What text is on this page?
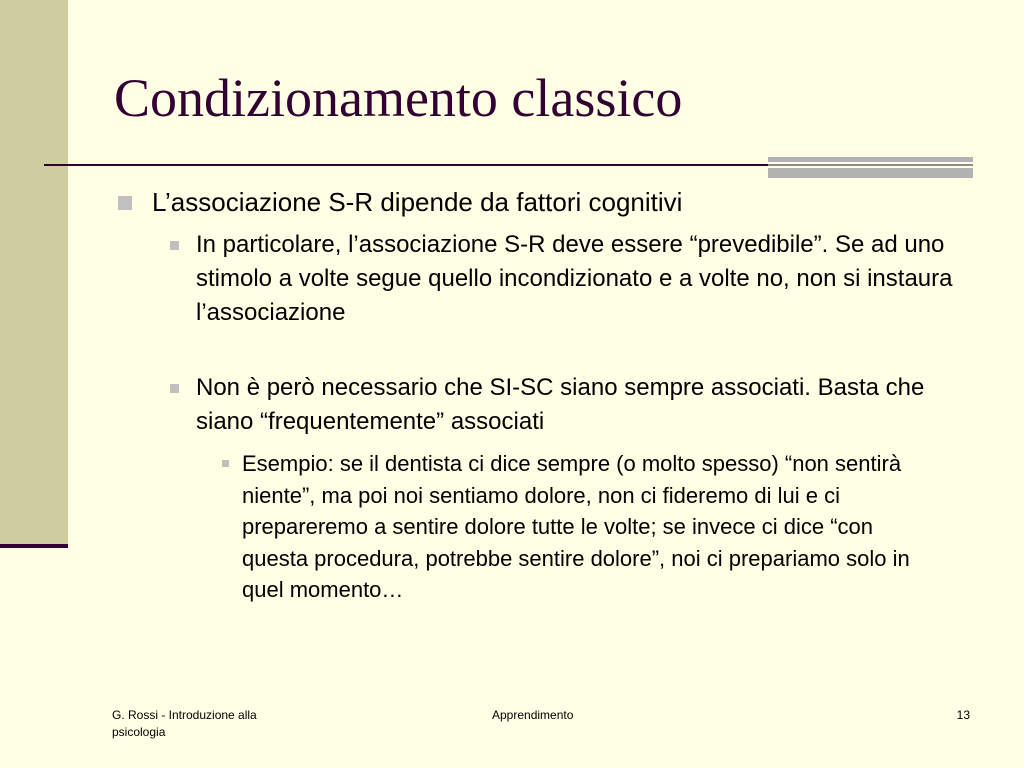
Condizionamento classico
L’associazione S-R dipende da fattori cognitivi
In particolare, l’associazione S-R deve essere “prevedibile”. Se ad uno stimolo a volte segue quello incondizionato e a volte no, non si instaura l’associazione
Non è però necessario che SI-SC siano sempre associati. Basta che siano “frequentemente” associati
Esempio: se il dentista ci dice sempre (o molto spesso) “non sentirà niente”, ma poi noi sentiamo dolore, non ci fideremo di lui e ci prepareremo a sentire dolore tutte le volte; se invece ci dice “con questa procedura, potrebbe sentire dolore”, noi ci prepariamo solo in quel momento…
G. Rossi - Introduzione alla
psicologia
Apprendimento	13
